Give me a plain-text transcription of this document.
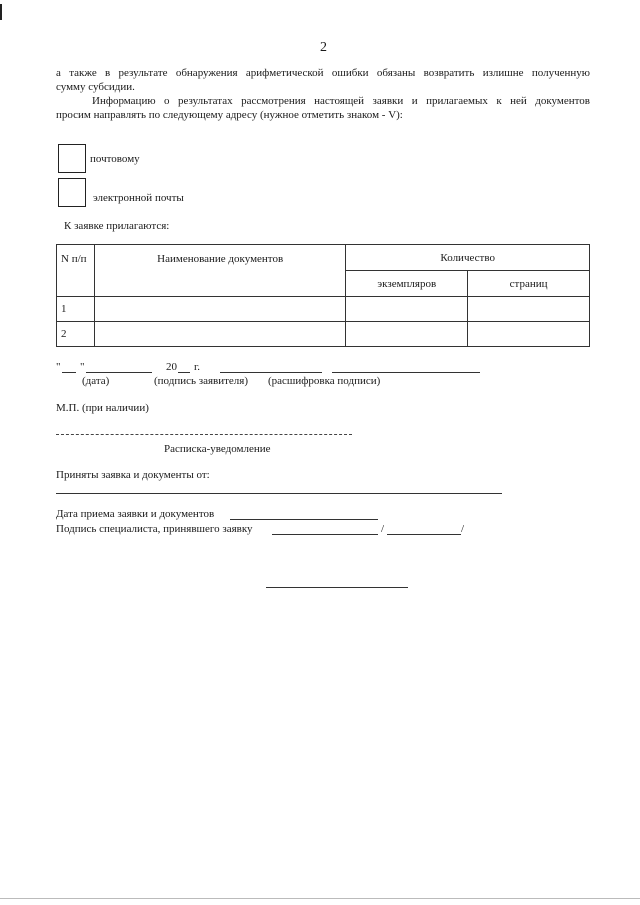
2
а также в результате обнаружения арифметической ошибки обязаны возвратить излишне полученную
сумму субсидии.
Информацию о результатах рассмотрения настоящей заявки и прилагаемых к ней документов
просим направлять по следующему адресу (нужное отметить знаком - V):
почтовому
электронной почты
К заявке прилагаются:
N п/п	Наименование документов	Количество	
		экземпляров	страниц
1			
2			
" "	20 г.
(дата)	(подпись заявителя) (расшифровка подписи)
М.П. (при наличии)
Расписка-уведомление
Приняты заявка и документы от:
Дата приема заявки и документов
Подпись специалиста, принявшего заявку	/	/
